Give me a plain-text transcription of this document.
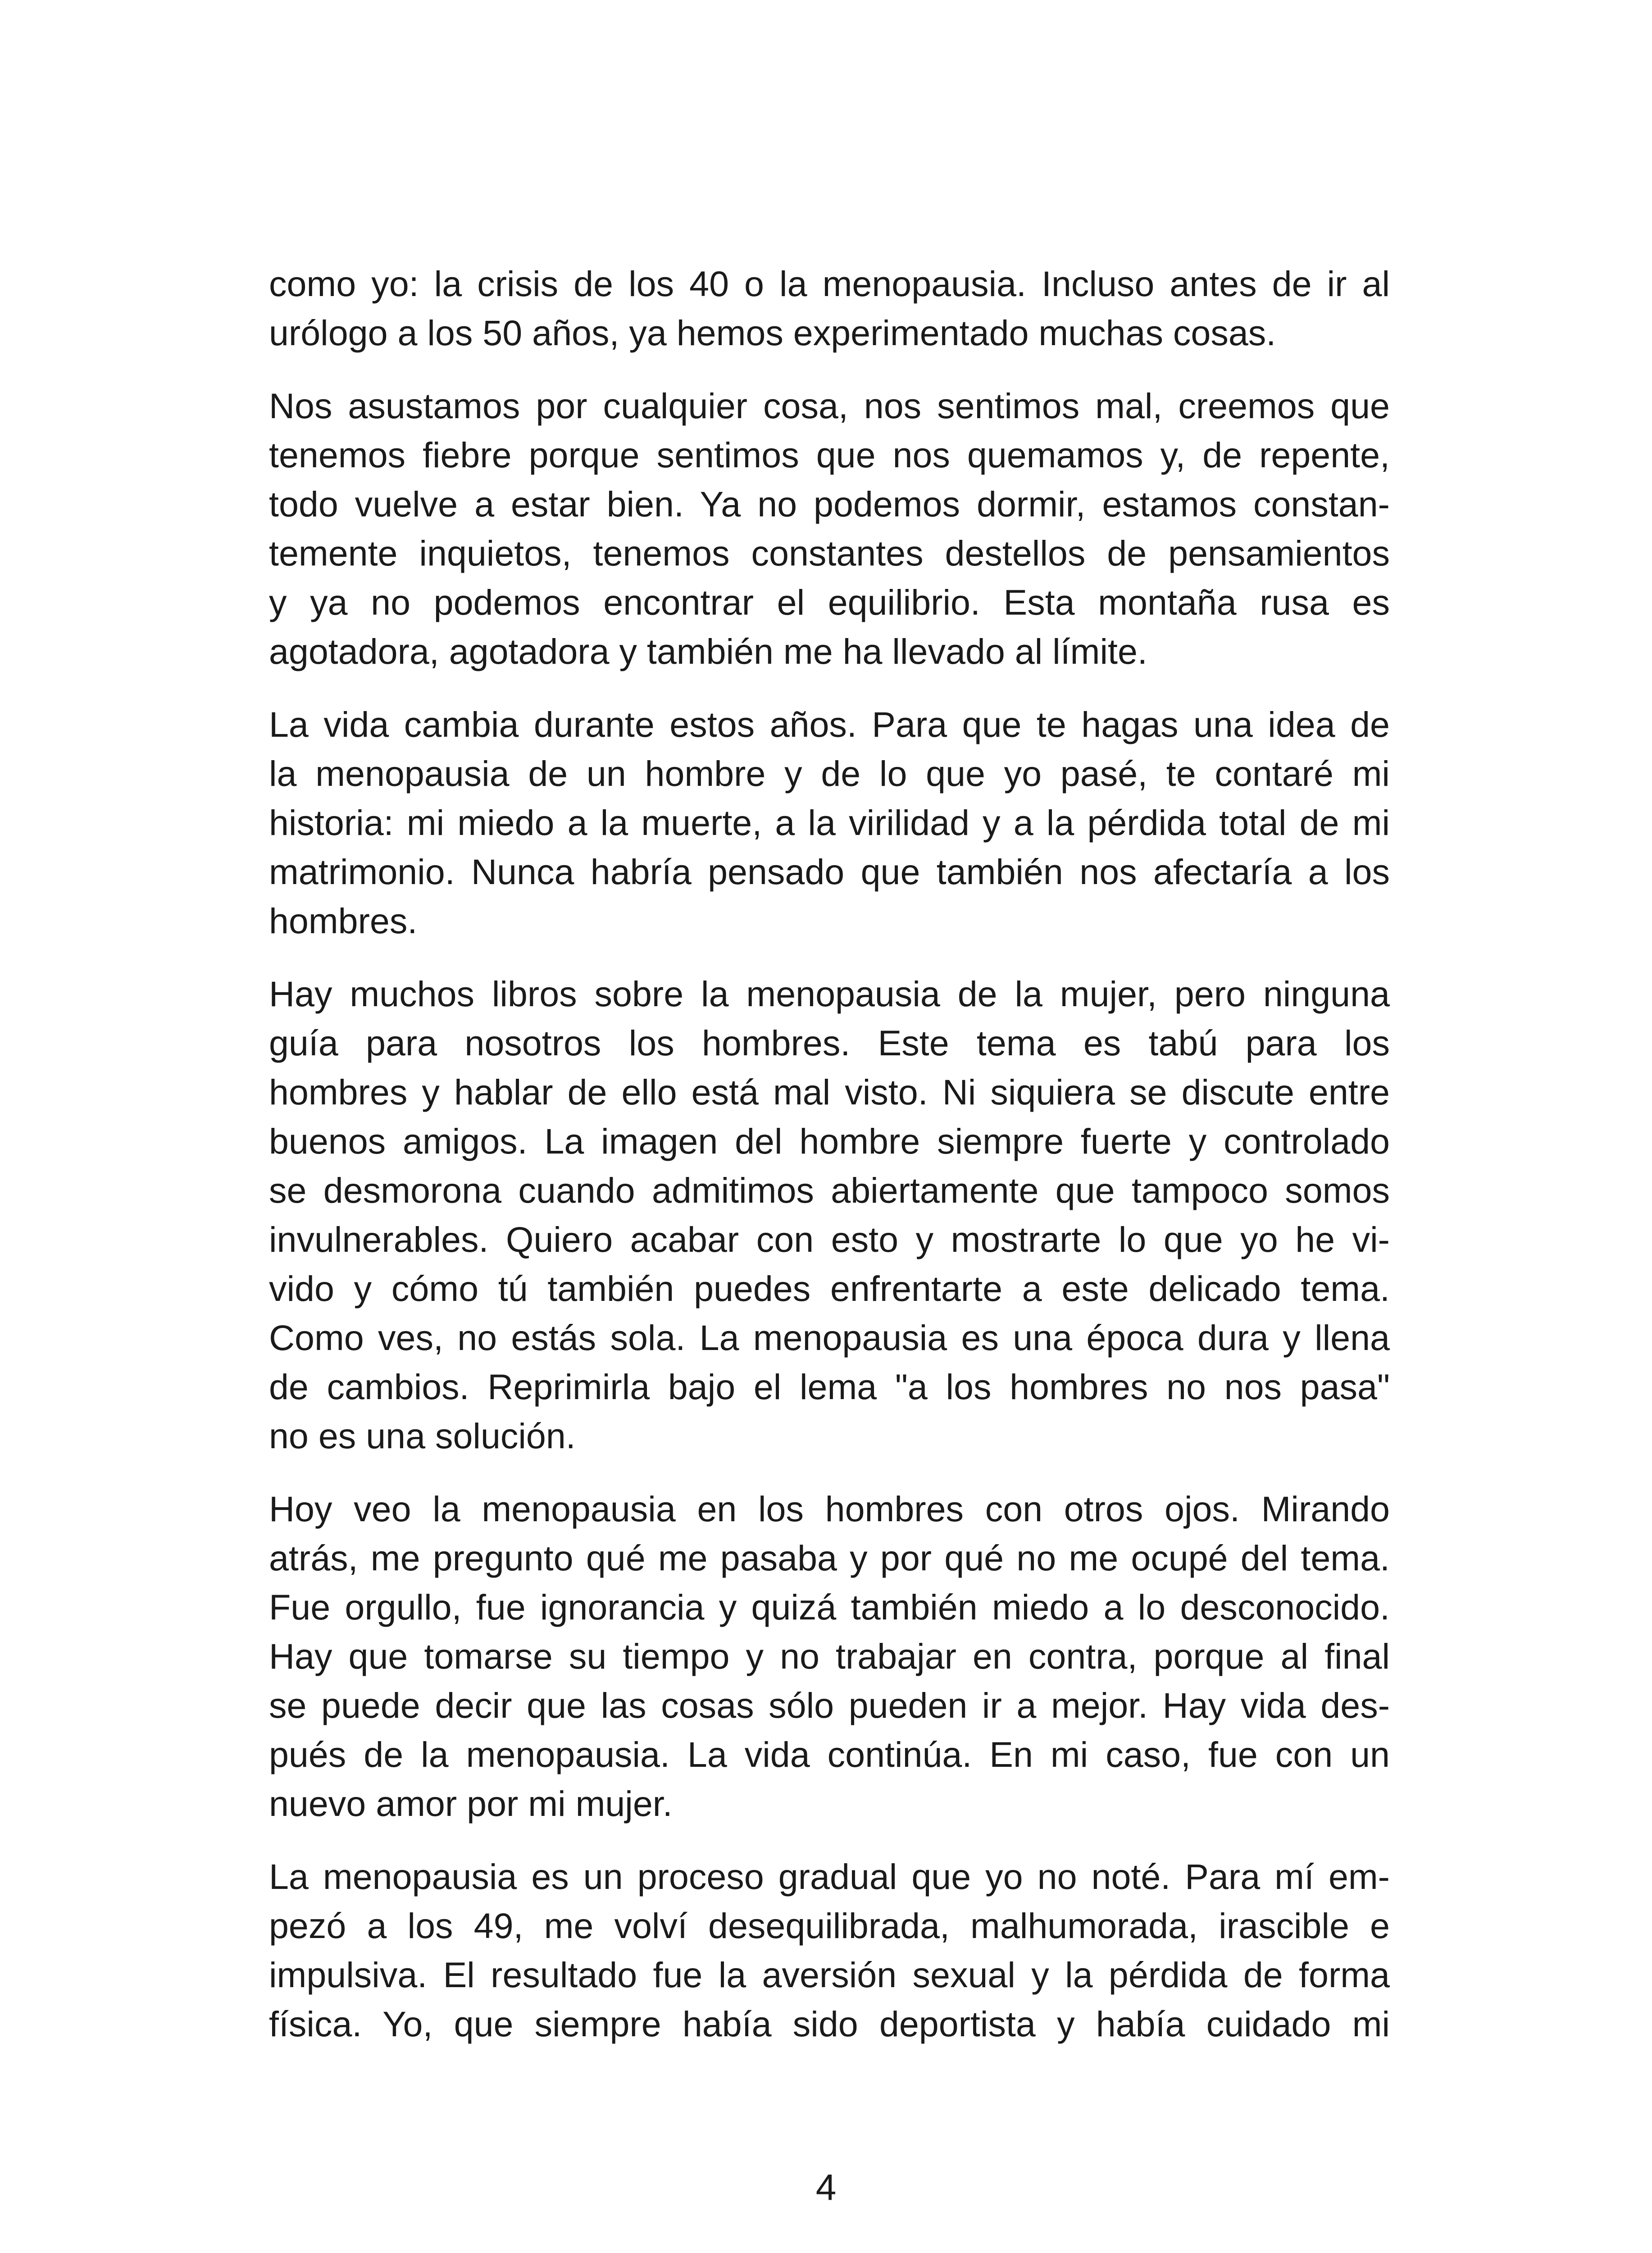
como yo: la crisis de los 40 o la menopausia. Incluso antes de ir al
urólogo a los 50 años, ya hemos experimentado muchas cosas.

Nos asustamos por cualquier cosa, nos sentimos mal, creemos que
tenemos fiebre porque sentimos que nos quemamos y, de repente,
todo vuelve a estar bien. Ya no podemos dormir, estamos constan-
temente inquietos, tenemos constantes destellos de pensamientos
y ya no podemos encontrar el equilibrio. Esta montaña rusa es
agotadora, agotadora y también me ha llevado al límite.

La vida cambia durante estos años. Para que te hagas una idea de
la menopausia de un hombre y de lo que yo pasé, te contaré mi
historia: mi miedo a la muerte, a la virilidad y a la pérdida total de mi
matrimonio. Nunca habría pensado que también nos afectaría a los
hombres.

Hay muchos libros sobre la menopausia de la mujer, pero ninguna
guía para nosotros los hombres. Este tema es tabú para los
hombres y hablar de ello está mal visto. Ni siquiera se discute entre
buenos amigos. La imagen del hombre siempre fuerte y controlado
se desmorona cuando admitimos abiertamente que tampoco somos
invulnerables. Quiero acabar con esto y mostrarte lo que yo he vi-
vido y cómo tú también puedes enfrentarte a este delicado tema.
Como ves, no estás sola. La menopausia es una época dura y llena
de cambios. Reprimirla bajo el lema "a los hombres no nos pasa"
no es una solución.

Hoy veo la menopausia en los hombres con otros ojos. Mirando
atrás, me pregunto qué me pasaba y por qué no me ocupé del tema.
Fue orgullo, fue ignorancia y quizá también miedo a lo desconocido.
Hay que tomarse su tiempo y no trabajar en contra, porque al final
se puede decir que las cosas sólo pueden ir a mejor. Hay vida des-
pués de la menopausia. La vida continúa. En mi caso, fue con un
nuevo amor por mi mujer.

La menopausia es un proceso gradual que yo no noté. Para mí em-
pezó a los 49, me volví desequilibrada, malhumorada, irascible e
impulsiva. El resultado fue la aversión sexual y la pérdida de forma
física. Yo, que siempre había sido deportista y había cuidado mi

4
